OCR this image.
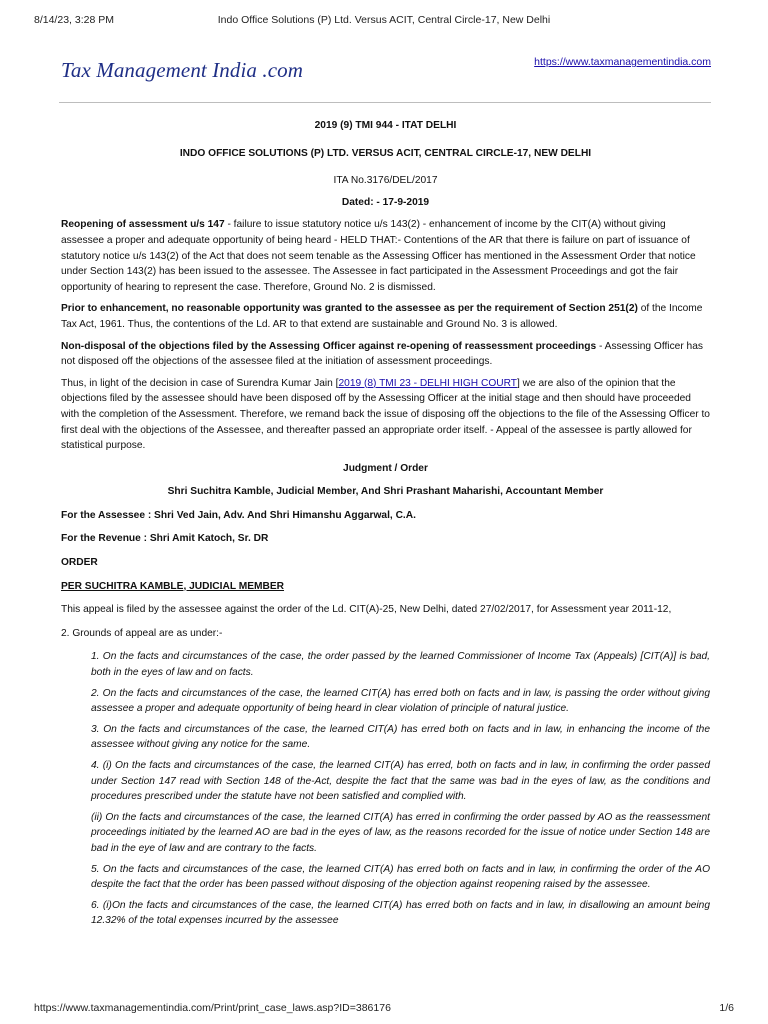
8/14/23, 3:28 PM	Indo Office Solutions (P) Ltd. Versus ACIT, Central Circle-17, New Delhi
Tax Management India .com	https://www.taxmanagementindia.com

2019 (9) TMI 944 - ITAT DELHI

INDO OFFICE SOLUTIONS (P) LTD. VERSUS ACIT, CENTRAL CIRCLE-17, NEW DELHI

ITA No.3176/DEL/2017

Dated: - 17-9-2019

Reopening of assessment u/s 147 - failure to issue statutory notice u/s 143(2) - enhancement of income by the CIT(A) without giving assessee a proper and adequate opportunity of being heard - HELD THAT:- Contentions of the AR that there is failure on part of issuance of statutory notice u/s 143(2) of the Act that does not seem tenable as the Assessing Officer has mentioned in the Assessment Order that notice under Section 143(2) has been issued to the assessee. The Assessee in fact participated in the Assessment Proceedings and got the fair opportunity of hearing to represent the case. Therefore, Ground No. 2 is dismissed.

Prior to enhancement, no reasonable opportunity was granted to the assessee as per the requirement of Section 251(2) of the Income Tax Act, 1961. Thus, the contentions of the Ld. AR to that extend are sustainable and Ground No. 3 is allowed.

Non-disposal of the objections filed by the Assessing Officer against re-opening of reassessment proceedings - Assessing Officer has not disposed off the objections of the assessee filed at the initiation of assessment proceedings.

Thus, in light of the decision in case of Surendra Kumar Jain [2019 (8) TMI 23 - DELHI HIGH COURT] we are also of the opinion that the objections filed by the assessee should have been disposed off by the Assessing Officer at the initial stage and then should have proceeded with the completion of the Assessment. Therefore, we remand back the issue of disposing off the objections to the file of the Assessing Officer to first deal with the objections of the Assessee, and thereafter passed an appropriate order itself. - Appeal of the assessee is partly allowed for statistical purpose.

Judgment / Order

Shri Suchitra Kamble, Judicial Member, And Shri Prashant Maharishi, Accountant Member

For the Assessee : Shri Ved Jain, Adv. And Shri Himanshu Aggarwal, C.A.

For the Revenue : Shri Amit Katoch, Sr. DR

ORDER

PER SUCHITRA KAMBLE, JUDICIAL MEMBER

This appeal is filed by the assessee against the order of the Ld. CIT(A)-25, New Delhi, dated 27/02/2017, for Assessment year 2011-12,

2. Grounds of appeal are as under:-

1. On the facts and circumstances of the case, the order passed by the learned Commissioner of Income Tax (Appeals) [CIT(A)] is bad, both in the eyes of law and on facts.

2. On the facts and circumstances of the case, the learned CIT(A) has erred both on facts and in law, is passing the order without giving assessee a proper and adequate opportunity of being heard in clear violation of principle of natural justice.

3. On the facts and circumstances of the case, the learned CIT(A) has erred both on facts and in law, in enhancing the income of the assessee without giving any notice for the same.

4. (i) On the facts and circumstances of the case, the learned CIT(A) has erred, both on facts and in law, in confirming the order passed under Section 147 read with Section 148 of the-Act, despite the fact that the same was bad in the eyes of law, as the conditions and procedures prescribed under the statute have not been satisfied and complied with.

(ii) On the facts and circumstances of the case, the learned CIT(A) has erred in confirming the order passed by AO as the reassessment proceedings initiated by the learned AO are bad in the eyes of law, as the reasons recorded for the issue of notice under Section 148 are bad in the eye of law and are contrary to the facts.

5. On the facts and circumstances of the case, the learned CIT(A) has erred both on facts and in law, in confirming the order of the AO despite the fact that the order has been passed without disposing of the objection against reopening raised by the assessee.

6. (i)On the facts and circumstances of the case, the learned CIT(A) has erred both on facts and in law, in disallowing an amount being 12.32% of the total expenses incurred by the assessee

https://www.taxmanagementindia.com/Print/print_case_laws.asp?ID=386176	1/6
